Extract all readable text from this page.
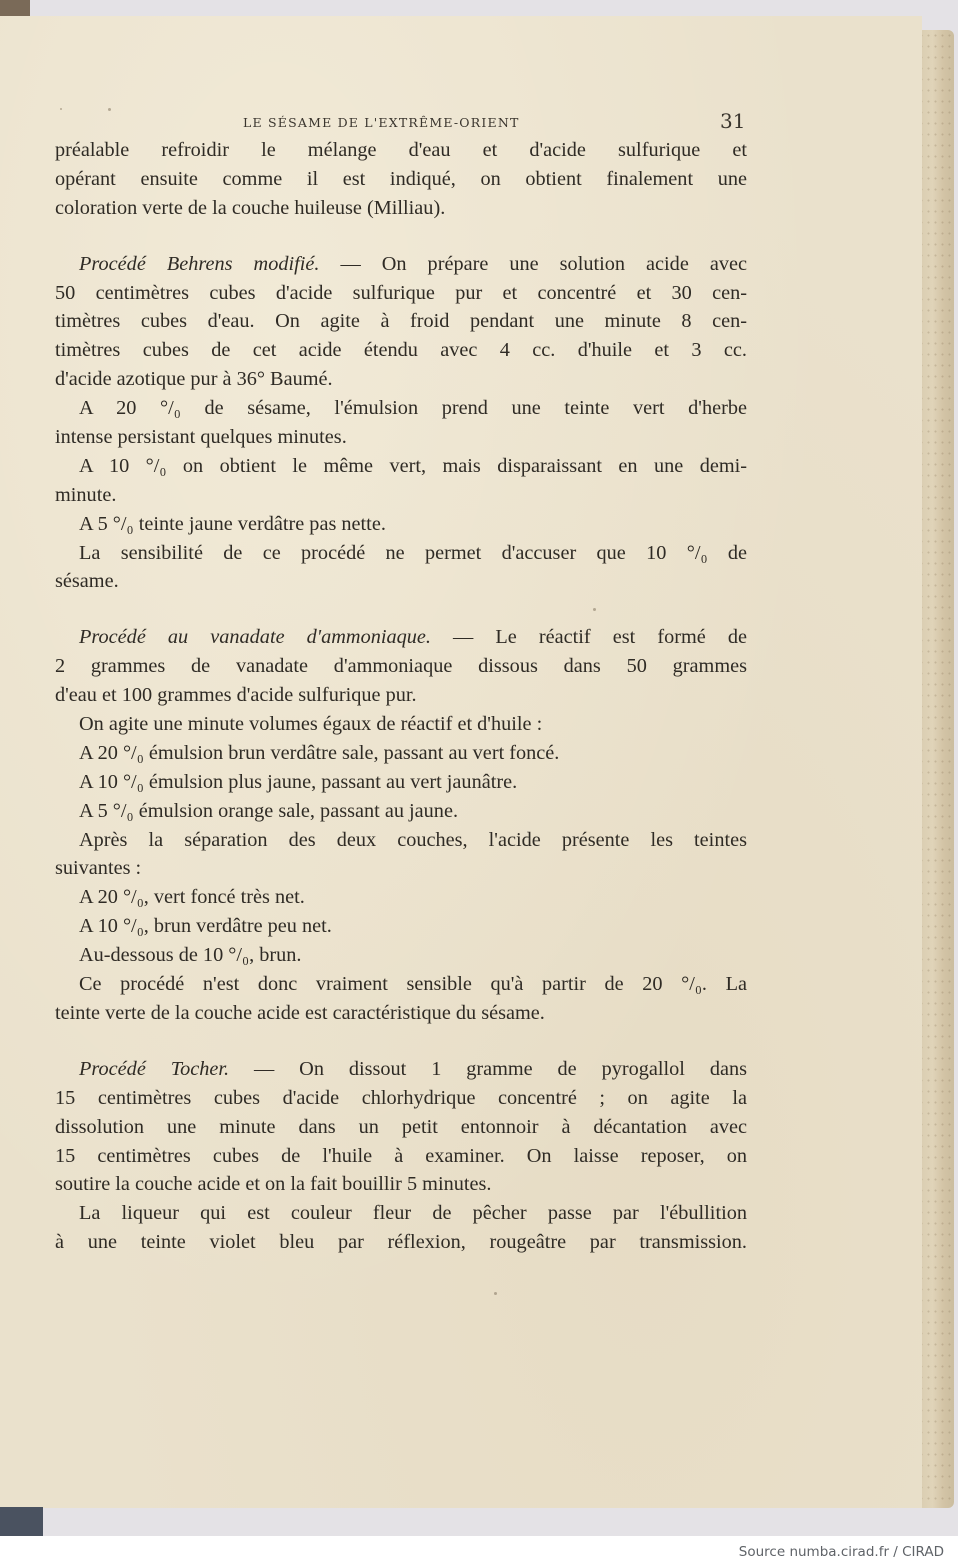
LE SÉSAME DE L'EXTRÊME-ORIENT	31

préalable refroidir le mélange d'eau et d'acide sulfurique et
opérant ensuite comme il est indiqué, on obtient finalement une
coloration verte de la couche huileuse (Milliau).

Procédé Behrens modifié. — On prépare une solution acide avec
50 centimètres cubes d'acide sulfurique pur et concentré et 30 cen-
timètres cubes d'eau. On agite à froid pendant une minute 8 cen-
timètres cubes de cet acide étendu avec 4 cc. d'huile et 3 cc.
d'acide azotique pur à 36° Baumé.
A 20 °/₀ de sésame, l'émulsion prend une teinte vert d'herbe
intense persistant quelques minutes.
A 10 °/₀ on obtient le même vert, mais disparaissant en une demi-
minute.
A 5 °/₀ teinte jaune verdâtre pas nette.
La sensibilité de ce procédé ne permet d'accuser que 10 °/₀ de
sésame.

Procédé au vanadate d'ammoniaque. — Le réactif est formé de
2 grammes de vanadate d'ammoniaque dissous dans 50 grammes
d'eau et 100 grammes d'acide sulfurique pur.
On agite une minute volumes égaux de réactif et d'huile :
A 20 °/₀ émulsion brun verdâtre sale, passant au vert foncé.
A 10 °/₀ émulsion plus jaune, passant au vert jaunâtre.
A 5 °/₀ émulsion orange sale, passant au jaune.
Après la séparation des deux couches, l'acide présente les teintes
suivantes :
A 20 °/₀, vert foncé très net.
A 10 °/₀, brun verdâtre peu net.
Au-dessous de 10 °/₀, brun.
Ce procédé n'est donc vraiment sensible qu'à partir de 20 °/₀. La
teinte verte de la couche acide est caractéristique du sésame.

Procédé Tocher. — On dissout 1 gramme de pyrogallol dans
15 centimètres cubes d'acide chlorhydrique concentré ; on agite la
dissolution une minute dans un petit entonnoir à décantation avec
15 centimètres cubes de l'huile à examiner. On laisse reposer, on
soutire la couche acide et on la fait bouillir 5 minutes.
La liqueur qui est couleur fleur de pêcher passe par l'ébullition
à une teinte violet bleu par réflexion, rougeâtre par transmission.

Source numba.cirad.fr / CIRAD
